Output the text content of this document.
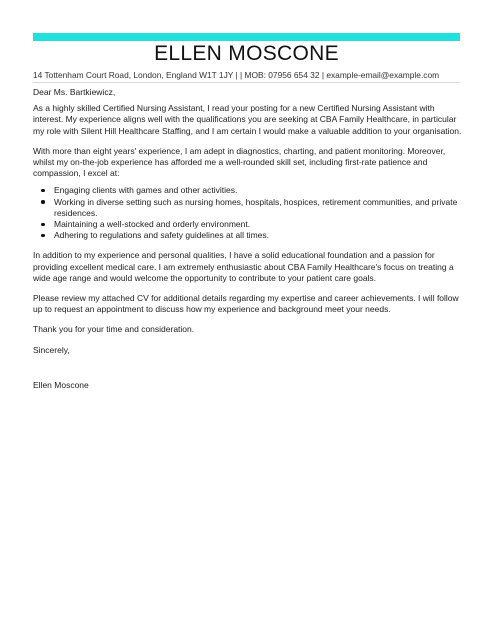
ELLEN MOSCONE
14 Tottenham Court Road, London, England W1T 1JY | | MOB: 07956 654 32 | example-email@example.com

Dear Ms. Bartkiewicz,

As a highly skilled Certified Nursing Assistant, I read your posting for a new Certified Nursing Assistant with interest. My experience aligns well with the qualifications you are seeking at CBA Family Healthcare, in particular my role with Silent Hill Healthcare Staffing, and I am certain I would make a valuable addition to your organisation.

With more than eight years' experience, I am adept in diagnostics, charting, and patient monitoring. Moreover, whilst my on-the-job experience has afforded me a well-rounded skill set, including first-rate patience and compassion, I excel at:

Engaging clients with games and other activities.
Working in diverse setting such as nursing homes, hospitals, hospices, retirement communities, and private residences.
Maintaining a well-stocked and orderly environment.
Adhering to regulations and safety guidelines at all times.

In addition to my experience and personal qualities, I have a solid educational foundation and a passion for providing excellent medical care. I am extremely enthusiastic about CBA Family Healthcare's focus on treating a wide age range and would welcome the opportunity to contribute to your patient care goals.

Please review my attached CV for additional details regarding my expertise and career achievements. I will follow up to request an appointment to discuss how my experience and background meet your needs.

Thank you for your time and consideration.

Sincerely,

Ellen Moscone
